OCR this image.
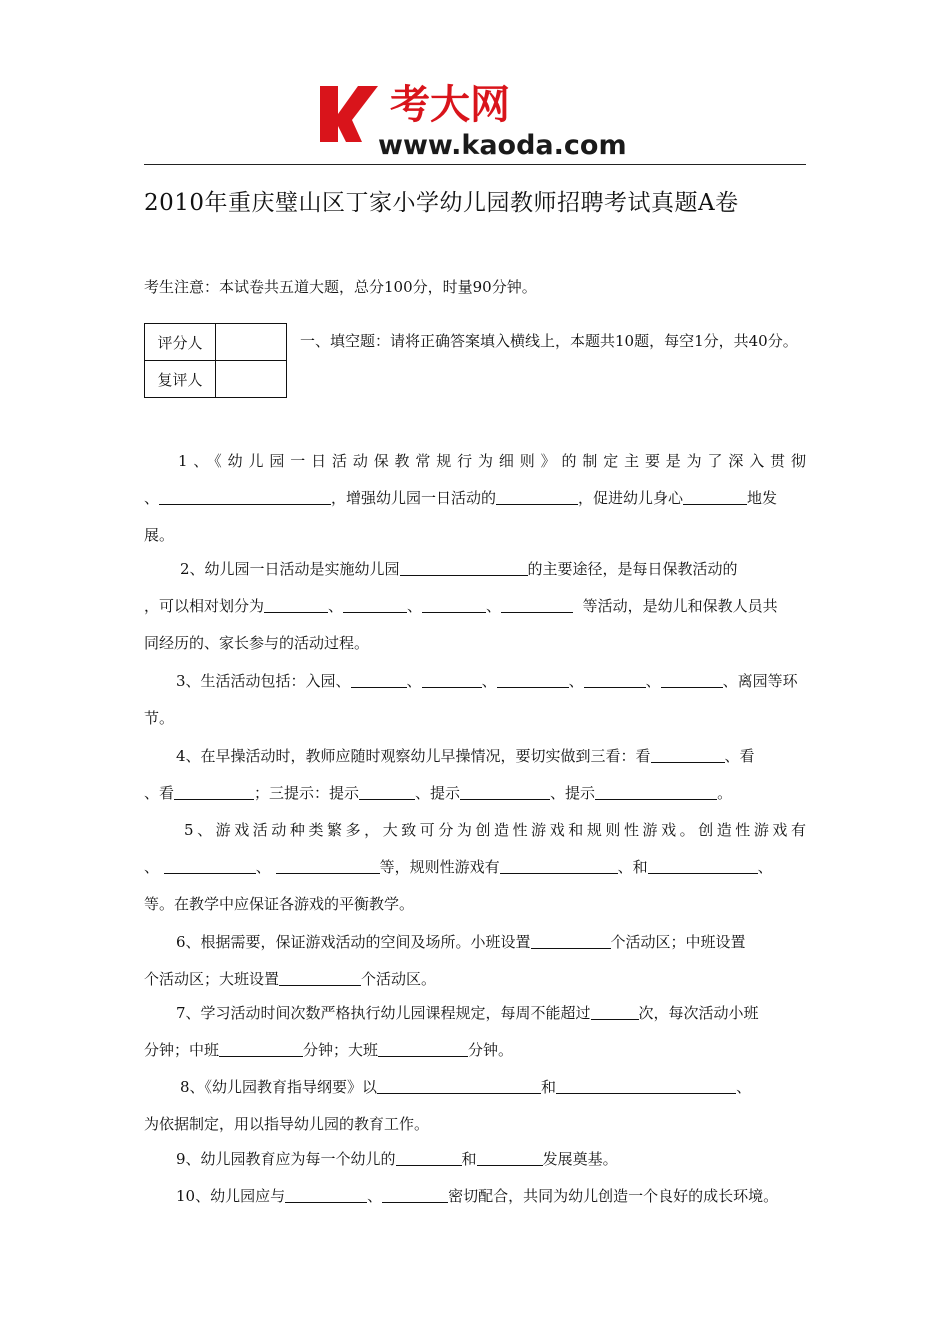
考大网
www.kaoda.com
2010年重庆璧山区丁家小学幼儿园教师招聘考试真题A卷
考生注意：本试卷共五道大题，总分100分，时量90分钟。
评分人	
复评人	
一、填空题：请将正确答案填入横线上，本题共10题，每空1分，共40分。
1、《幼儿园一日活动保教常规行为细则》的制定主要是为了深入贯彻
、	，增强幼儿园一日活动的	，促进幼儿身心	地发
展。
2、幼儿园一日活动是实施幼儿园	的主要途径，是每日保教活动的
，可以相对划分为	、	、	、	等活动，是幼儿和保教人员共
同经历的、家长参与的活动过程。
3、生活活动包括：入园、	、	、	、	、	、离园等环
节。
4、在早操活动时，教师应随时观察幼儿早操情况，要切实做到三看：看	、看
、看	；三提示：提示	、提示	、提示	。
5、游戏活动种类繁多，大致可分为创造性游戏和规则性游戏。创造性游戏有
、	、	等，规则性游戏有	、和	、
等。在教学中应保证各游戏的平衡教学。
6、根据需要，保证游戏活动的空间及场所。小班设置	个活动区；中班设置
个活动区；大班设置	个活动区。
7、学习活动时间次数严格执行幼儿园课程规定，每周不能超过	次，每次活动小班
分钟；中班	分钟；大班	分钟。
8、《幼儿园教育指导纲要》以	和	、
为依据制定，用以指导幼儿园的教育工作。
9、幼儿园教育应为每一个幼儿的	和	发展奠基。
10、幼儿园应与	、	密切配合，共同为幼儿创造一个良好的成长环境。
